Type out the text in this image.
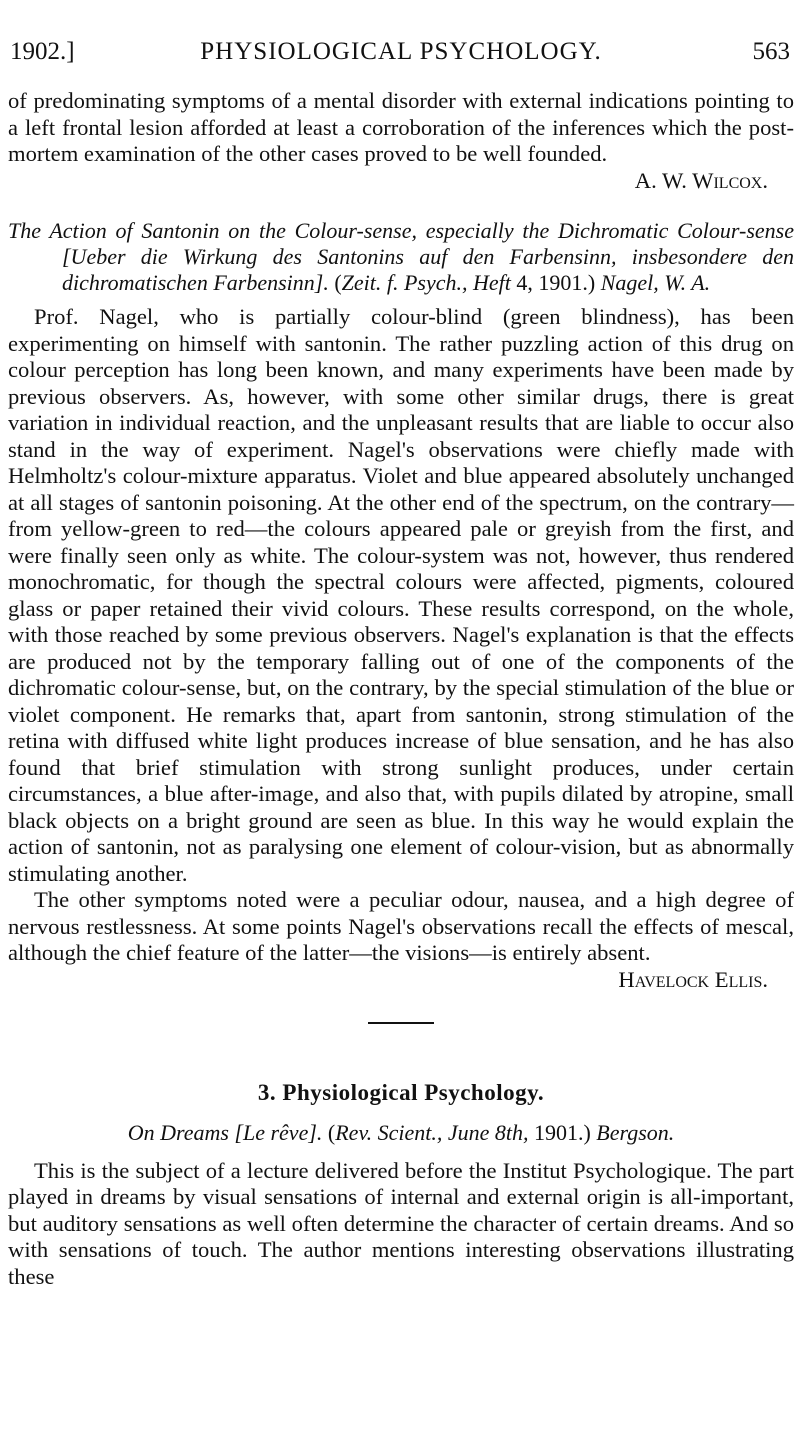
1902.]	PHYSIOLOGICAL PSYCHOLOGY.	563

of predominating symptoms of a mental disorder with external indications pointing to a left frontal lesion afforded at least a corroboration of the inferences which the post-mortem examination of the other cases proved to be well founded.

A. W. Wilcox.

The Action of Santonin on the Colour-sense, especially the Dichromatic Colour-sense [Ueber die Wirkung des Santonins auf den Farbensinn, insbesondere den dichromatischen Farbensinn]. (Zeit. f. Psych., Heft 4, 1901.) Nagel, W. A.

Prof. Nagel, who is partially colour-blind (green blindness), has been experimenting on himself with santonin. The rather puzzling action of this drug on colour perception has long been known, and many experiments have been made by previous observers. As, however, with some other similar drugs, there is great variation in individual reaction, and the unpleasant results that are liable to occur also stand in the way of experiment. Nagel's observations were chiefly made with Helmholtz's colour-mixture apparatus. Violet and blue appeared absolutely unchanged at all stages of santonin poisoning. At the other end of the spectrum, on the contrary—from yellow-green to red—the colours appeared pale or greyish from the first, and were finally seen only as white. The colour-system was not, however, thus rendered monochromatic, for though the spectral colours were affected, pigments, coloured glass or paper retained their vivid colours. These results correspond, on the whole, with those reached by some previous observers. Nagel's explanation is that the effects are produced not by the temporary falling out of one of the components of the dichromatic colour-sense, but, on the contrary, by the special stimulation of the blue or violet component. He remarks that, apart from santonin, strong stimulation of the retina with diffused white light produces increase of blue sensation, and he has also found that brief stimulation with strong sunlight produces, under certain circumstances, a blue after-image, and also that, with pupils dilated by atropine, small black objects on a bright ground are seen as blue. In this way he would explain the action of santonin, not as paralysing one element of colour-vision, but as abnormally stimulating another.

The other symptoms noted were a peculiar odour, nausea, and a high degree of nervous restlessness. At some points Nagel's observations recall the effects of mescal, although the chief feature of the latter—the visions—is entirely absent.
Havelock Ellis.

3. Physiological Psychology.
On Dreams [Le rêve]. (Rev. Scient., June 8th, 1901.) Bergson.

This is the subject of a lecture delivered before the Institut Psychologique. The part played in dreams by visual sensations of internal and external origin is all-important, but auditory sensations as well often determine the character of certain dreams. And so with sensations of touch. The author mentions interesting observations illustrating these
